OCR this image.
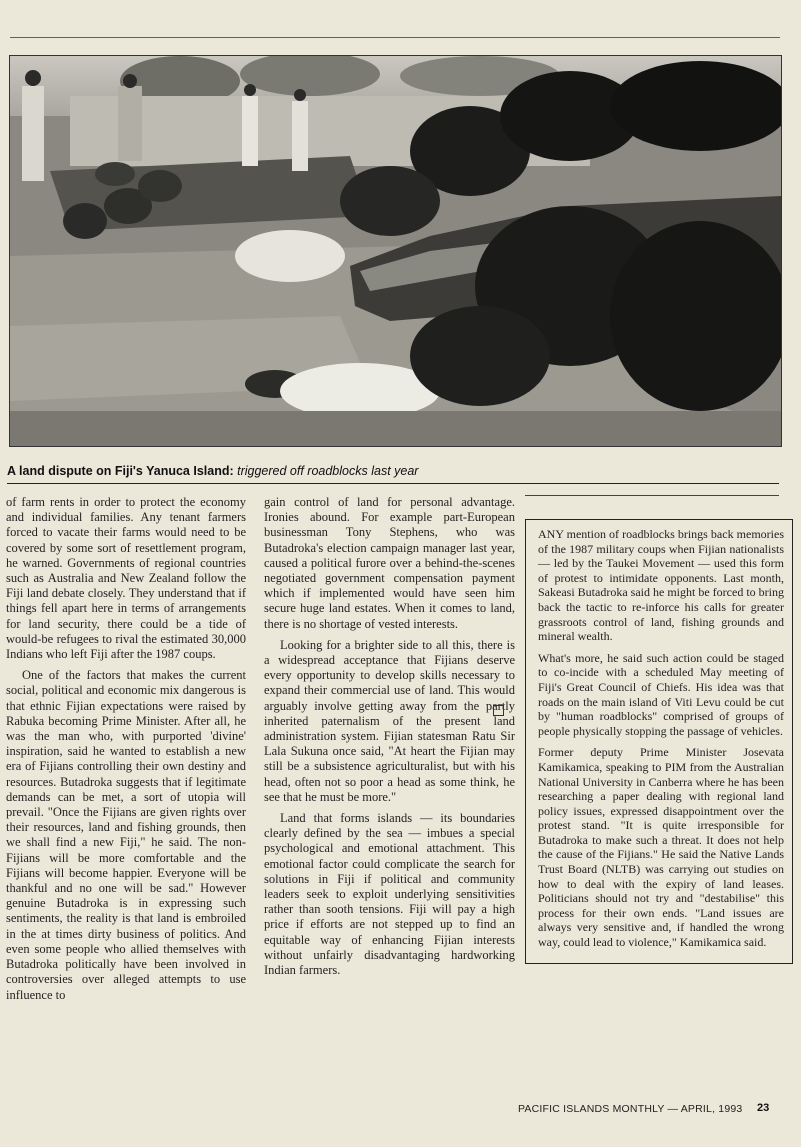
A land dispute on Fiji's Yanuca Island: triggered off roadblocks last year

of farm rents in order to protect the economy and individual families. Any tenant farmers forced to vacate their farms would need to be covered by some sort of resettlement program, he warned. Governments of regional countries such as Australia and New Zealand follow the Fiji land debate closely. They understand that if things fell apart here in terms of arrangements for land security, there could be a tide of would-be refugees to rival the estimated 30,000 Indians who left Fiji after the 1987 coups.

One of the factors that makes the current social, political and economic mix dangerous is that ethnic Fijian expectations were raised by Rabuka becoming Prime Minister. After all, he was the man who, with purported 'divine' inspiration, said he wanted to establish a new era of Fijians controlling their own destiny and resources. Butadroka suggests that if legitimate demands can be met, a sort of utopia will prevail. "Once the Fijians are given rights over their resources, land and fishing grounds, then we shall find a new Fiji," he said. The non-Fijians will be more comfortable and the Fijians will become happier. Everyone will be thankful and no one will be sad." However genuine Butadroka is in expressing such sentiments, the reality is that land is embroiled in the at times dirty business of politics. And even some people who allied themselves with Butadroka politically have been involved in controversies over alleged attempts to use influence to

gain control of land for personal advantage. Ironies abound. For example part-European businessman Tony Stephens, who was Butadroka's election campaign manager last year, caused a political furore over a behind-the-scenes negotiated government compensation payment which if implemented would have seen him secure huge land estates. When it comes to land, there is no shortage of vested interests.

Looking for a brighter side to all this, there is a widespread acceptance that Fijians deserve every opportunity to develop skills necessary to expand their commercial use of land. This would arguably involve getting away from the partly inherited paternalism of the present land administration system. Fijian statesman Ratu Sir Lala Sukuna once said, "At heart the Fijian may still be a subsistence agriculturalist, but with his head, often not so poor a head as some think, he see that he must be more."

Land that forms islands — its boundaries clearly defined by the sea — imbues a special psychological and emotional attachment. This emotional factor could complicate the search for solutions in Fiji if political and community leaders seek to exploit underlying sensitivities rather than sooth tensions. Fiji will pay a high price if efforts are not stepped up to find an equitable way of enhancing Fijian interests without unfairly disadvantaging hardworking Indian farmers.

ANY mention of roadblocks brings back memories of the 1987 military coups when Fijian nationalists — led by the Taukei Movement — used this form of protest to intimidate opponents. Last month, Sakeasi Butadroka said he might be forced to bring back the tactic to re-inforce his calls for greater grassroots control of land, fishing grounds and mineral wealth.

What's more, he said such action could be staged to co-incide with a scheduled May meeting of Fiji's Great Council of Chiefs. His idea was that roads on the main island of Viti Levu could be cut by "human roadblocks" comprised of groups of people physically stopping the passage of vehicles.

Former deputy Prime Minister Josevata Kamikamica, speaking to PIM from the Australian National University in Canberra where he has been researching a paper dealing with regional land policy issues, expressed disappointment over the protest stand. "It is quite irresponsible for Butadroka to make such a threat. It does not help the cause of the Fijians." He said the Native Lands Trust Board (NLTB) was carrying out studies on how to deal with the expiry of land leases. Politicians should not try and "destabilise" this process for their own ends. "Land issues are always very sensitive and, if handled the wrong way, could lead to violence," Kamikamica said.

PACIFIC ISLANDS MONTHLY — APRIL, 1993 23
